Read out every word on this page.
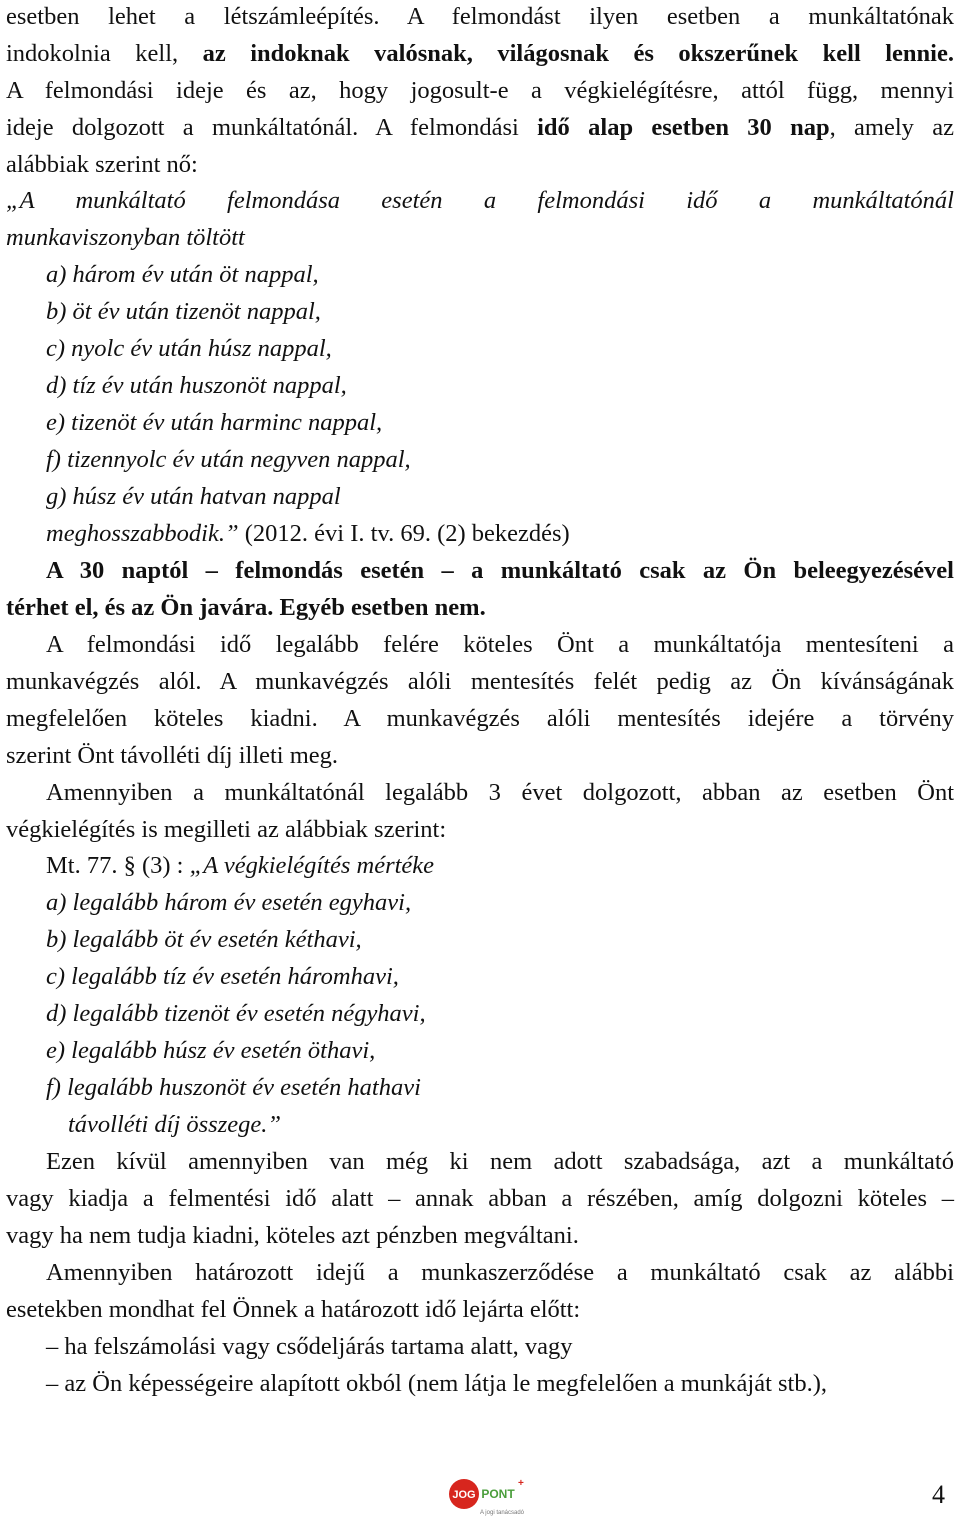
esetben lehet a létszámleépítés. A felmondást ilyen esetben a munkáltatónak
indokolnia kell, az indoknak valósnak, világosnak és okszerűnek kell lennie.
A felmondási ideje és az, hogy jogosult-e a végkielégítésre, attól függ, mennyi
ideje dolgozott a munkáltatónál. A felmondási idő alap esetben 30 nap, amely az
alábbiak szerint nő:
„A munkáltató felmondása esetén a felmondási idő a munkáltatónál
munkaviszonyban töltött
a) három év után öt nappal,
b) öt év után tizenöt nappal,
c) nyolc év után húsz nappal,
d) tíz év után huszonöt nappal,
e) tizenöt év után harminc nappal,
f) tizennyolc év után negyven nappal,
g) húsz év után hatvan nappal
meghosszabbodik.” (2012. évi I. tv. 69. (2) bekezdés)
A 30 naptól – felmondás esetén – a munkáltató csak az Ön beleegyezésével
térhet el, és az Ön javára. Egyéb esetben nem.
A felmondási idő legalább felére köteles Önt a munkáltatója mentesíteni a
munkavégzés alól. A munkavégzés alóli mentesítés felét pedig az Ön kívánságának
megfelelően köteles kiadni. A munkavégzés alóli mentesítés idejére a törvény
szerint Önt távolléti díj illeti meg.
Amennyiben a munkáltatónál legalább 3 évet dolgozott, abban az esetben Önt
végkielégítés is megilleti az alábbiak szerint:
Mt. 77. § (3) : „A végkielégítés mértéke
a) legalább három év esetén egyhavi,
b) legalább öt év esetén kéthavi,
c) legalább tíz év esetén háromhavi,
d) legalább tizenöt év esetén négyhavi,
e) legalább húsz év esetén öthavi,
f) legalább huszonöt év esetén hathavi
távolléti díj összege.”
Ezen kívül amennyiben van még ki nem adott szabadsága, azt a munkáltató
vagy kiadja a felmentési idő alatt – annak abban a részében, amíg dolgozni köteles –
vagy ha nem tudja kiadni, köteles azt pénzben megváltani.
Amennyiben határozott idejű a munkaszerződése a munkáltató csak az alábbi
esetekben mondhat fel Önnek a határozott idő lejárta előtt:
– ha felszámolási vagy csődeljárás tartama alatt, vagy
– az Ön képességeire alapított okból (nem látja le megfelelően a munkáját stb.),
JOG PONT
+
A jogi tanácsadó
4
